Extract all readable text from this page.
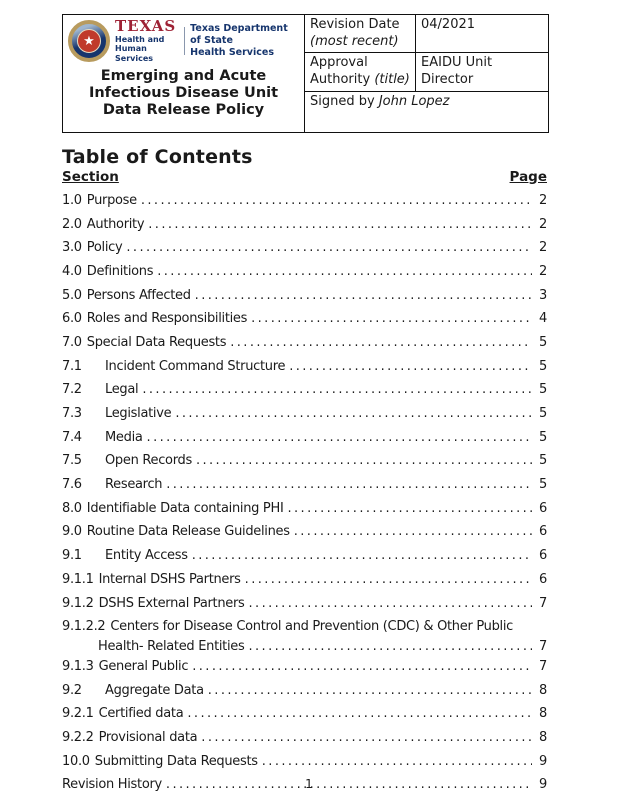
★
TEXAS
Health and Human
Services
Texas Department of State
Health Services
Emerging and Acute
Infectious Disease Unit
Data Release Policy
	Revision Date (most recent)	
04/2021

	Approval Authority (title)	EAIDU Unit Director

	Signed by John Lopez	
Table of Contents
Section	Page
1.0 Purpose .....	2
2.0 Authority .....	2
3.0 Policy .....	2
4.0 Definitions .....	2
5.0 Persons Affected .....	3
6.0 Roles and Responsibilities .....	4
7.0 Special Data Requests .....	5
7.1	Incident Command Structure .....	5
7.2	Legal .....	5
7.3	Legislative .....	5
7.4	Media .....	5
7.5	Open Records .....	5
7.6	Research .....	5
8.0 Identifiable Data containing PHI .....	6
9.0 Routine Data Release Guidelines .....	6
9.1	Entity Access .....	6
9.1.1 Internal DSHS Partners .....	6
9.1.2 DSHS External Partners .....	7
9.1.2.2 Centers for Disease Control and Prevention (CDC) & Other Public
Health- Related Entities .....	7
9.1.3 General Public .....	7
9.2	Aggregate Data .....	8
9.2.1 Certified data .....	8
9.2.2 Provisional data .....	8
10.0 Submitting Data Requests .....	9
Revision History .....	9
1
